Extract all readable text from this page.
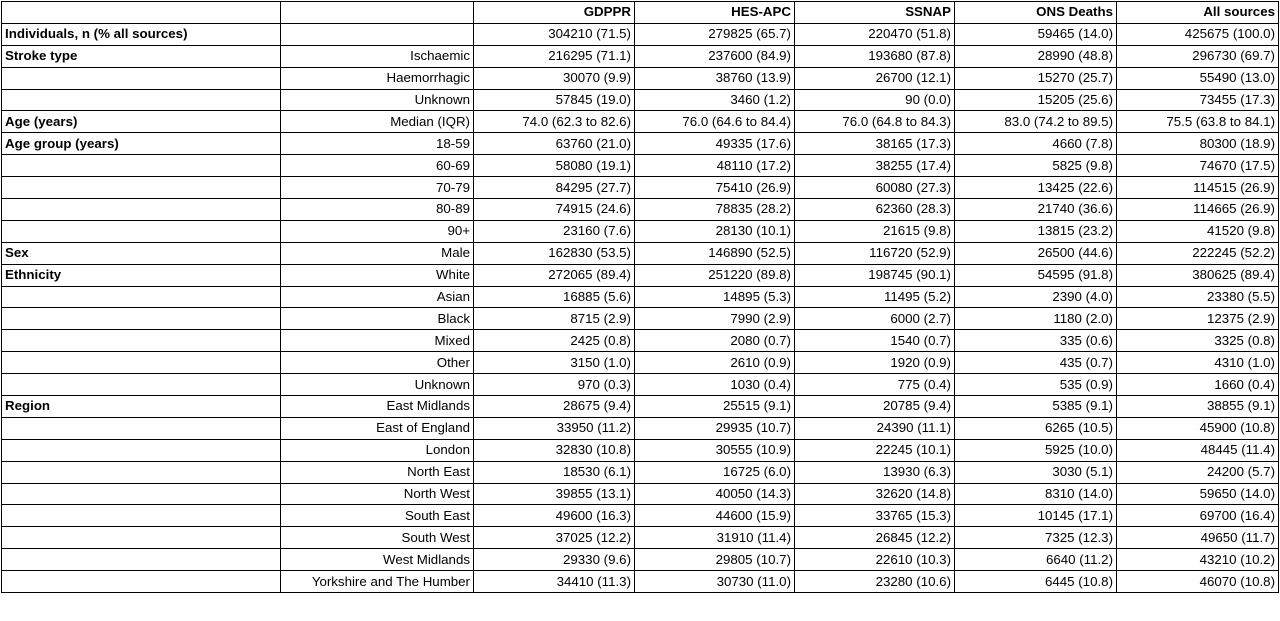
		GDPPR	HES-APC	SSNAP	ONS Deaths	All sources
Individuals, n (% all sources)		304210 (71.5)	279825 (65.7)	220470 (51.8)	59465 (14.0)	425675 (100.0)
Stroke type	Ischaemic	216295 (71.1)	237600 (84.9)	193680 (87.8)	28990 (48.8)	296730 (69.7)
	Haemorrhagic	30070 (9.9)	38760 (13.9)	26700 (12.1)	15270 (25.7)	55490 (13.0)
	Unknown	57845 (19.0)	3460 (1.2)	90 (0.0)	15205 (25.6)	73455 (17.3)
Age (years)	Median (IQR)	74.0 (62.3 to 82.6)	76.0 (64.6 to 84.4)	76.0 (64.8 to 84.3)	83.0 (74.2 to 89.5)	75.5 (63.8 to 84.1)
Age group (years)	18-59	63760 (21.0)	49335 (17.6)	38165 (17.3)	4660 (7.8)	80300 (18.9)
	60-69	58080 (19.1)	48110 (17.2)	38255 (17.4)	5825 (9.8)	74670 (17.5)
	70-79	84295 (27.7)	75410 (26.9)	60080 (27.3)	13425 (22.6)	114515 (26.9)
	80-89	74915 (24.6)	78835 (28.2)	62360 (28.3)	21740 (36.6)	114665 (26.9)
	90+	23160 (7.6)	28130 (10.1)	21615 (9.8)	13815 (23.2)	41520 (9.8)
Sex	Male	162830 (53.5)	146890 (52.5)	116720 (52.9)	26500 (44.6)	222245 (52.2)
Ethnicity	White	272065 (89.4)	251220 (89.8)	198745 (90.1)	54595 (91.8)	380625 (89.4)
	Asian	16885 (5.6)	14895 (5.3)	11495 (5.2)	2390 (4.0)	23380 (5.5)
	Black	8715 (2.9)	7990 (2.9)	6000 (2.7)	1180 (2.0)	12375 (2.9)
	Mixed	2425 (0.8)	2080 (0.7)	1540 (0.7)	335 (0.6)	3325 (0.8)
	Other	3150 (1.0)	2610 (0.9)	1920 (0.9)	435 (0.7)	4310 (1.0)
	Unknown	970 (0.3)	1030 (0.4)	775 (0.4)	535 (0.9)	1660 (0.4)
Region	East Midlands	28675 (9.4)	25515 (9.1)	20785 (9.4)	5385 (9.1)	38855 (9.1)
	East of England	33950 (11.2)	29935 (10.7)	24390 (11.1)	6265 (10.5)	45900 (10.8)
	London	32830 (10.8)	30555 (10.9)	22245 (10.1)	5925 (10.0)	48445 (11.4)
	North East	18530 (6.1)	16725 (6.0)	13930 (6.3)	3030 (5.1)	24200 (5.7)
	North West	39855 (13.1)	40050 (14.3)	32620 (14.8)	8310 (14.0)	59650 (14.0)
	South East	49600 (16.3)	44600 (15.9)	33765 (15.3)	10145 (17.1)	69700 (16.4)
	South West	37025 (12.2)	31910 (11.4)	26845 (12.2)	7325 (12.3)	49650 (11.7)
	West Midlands	29330 (9.6)	29805 (10.7)	22610 (10.3)	6640 (11.2)	43210 (10.2)
	Yorkshire and The Humber	34410 (11.3)	30730 (11.0)	23280 (10.6)	6445 (10.8)	46070 (10.8)
